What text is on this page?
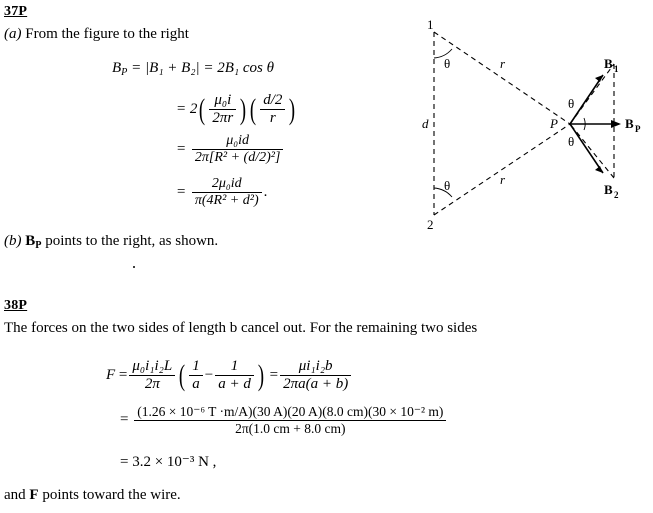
37P
(a) From the figure to the right
$B_P = |B_1 + B_2| = 2B_1$ cos θ
= $2( \frac{\text{μ₀i}}{2\pi r}$ ) ( $\frac{d/2}{r}$ )
= $\frac{\text{μ₀id}}{\text{2π[R² + (d/2)²]}}$
= $\frac{\text{2μ₀id}}{\text{π(4R² + d²)}}$ .
(b) $B_P$ points to the right, as shown.
1
2
θ
θ
θ
θ
r
r
d	P
B 1
B 2
B P
38P
The forces on the two sides of length b cancel out. For the remaining two sides
$F = \frac{\text{μ₀i₁i₂L}}{2\pi}$ ( $\frac{1}{a} - \frac{1}{a + d}$ ) = $\frac{\text{μi₁i₂b}}{2\pi a(a + b)}$
= $\frac{\text{(1.26 × 10⁻⁶ T ·m/A)(30 A)(20 A)(8.0 cm)(30 × 10⁻² m)}}{2\pi(1.0 cm + 8.0 cm)}$
= 3.2 × 10⁻³ N ,
and F points toward the wire.
